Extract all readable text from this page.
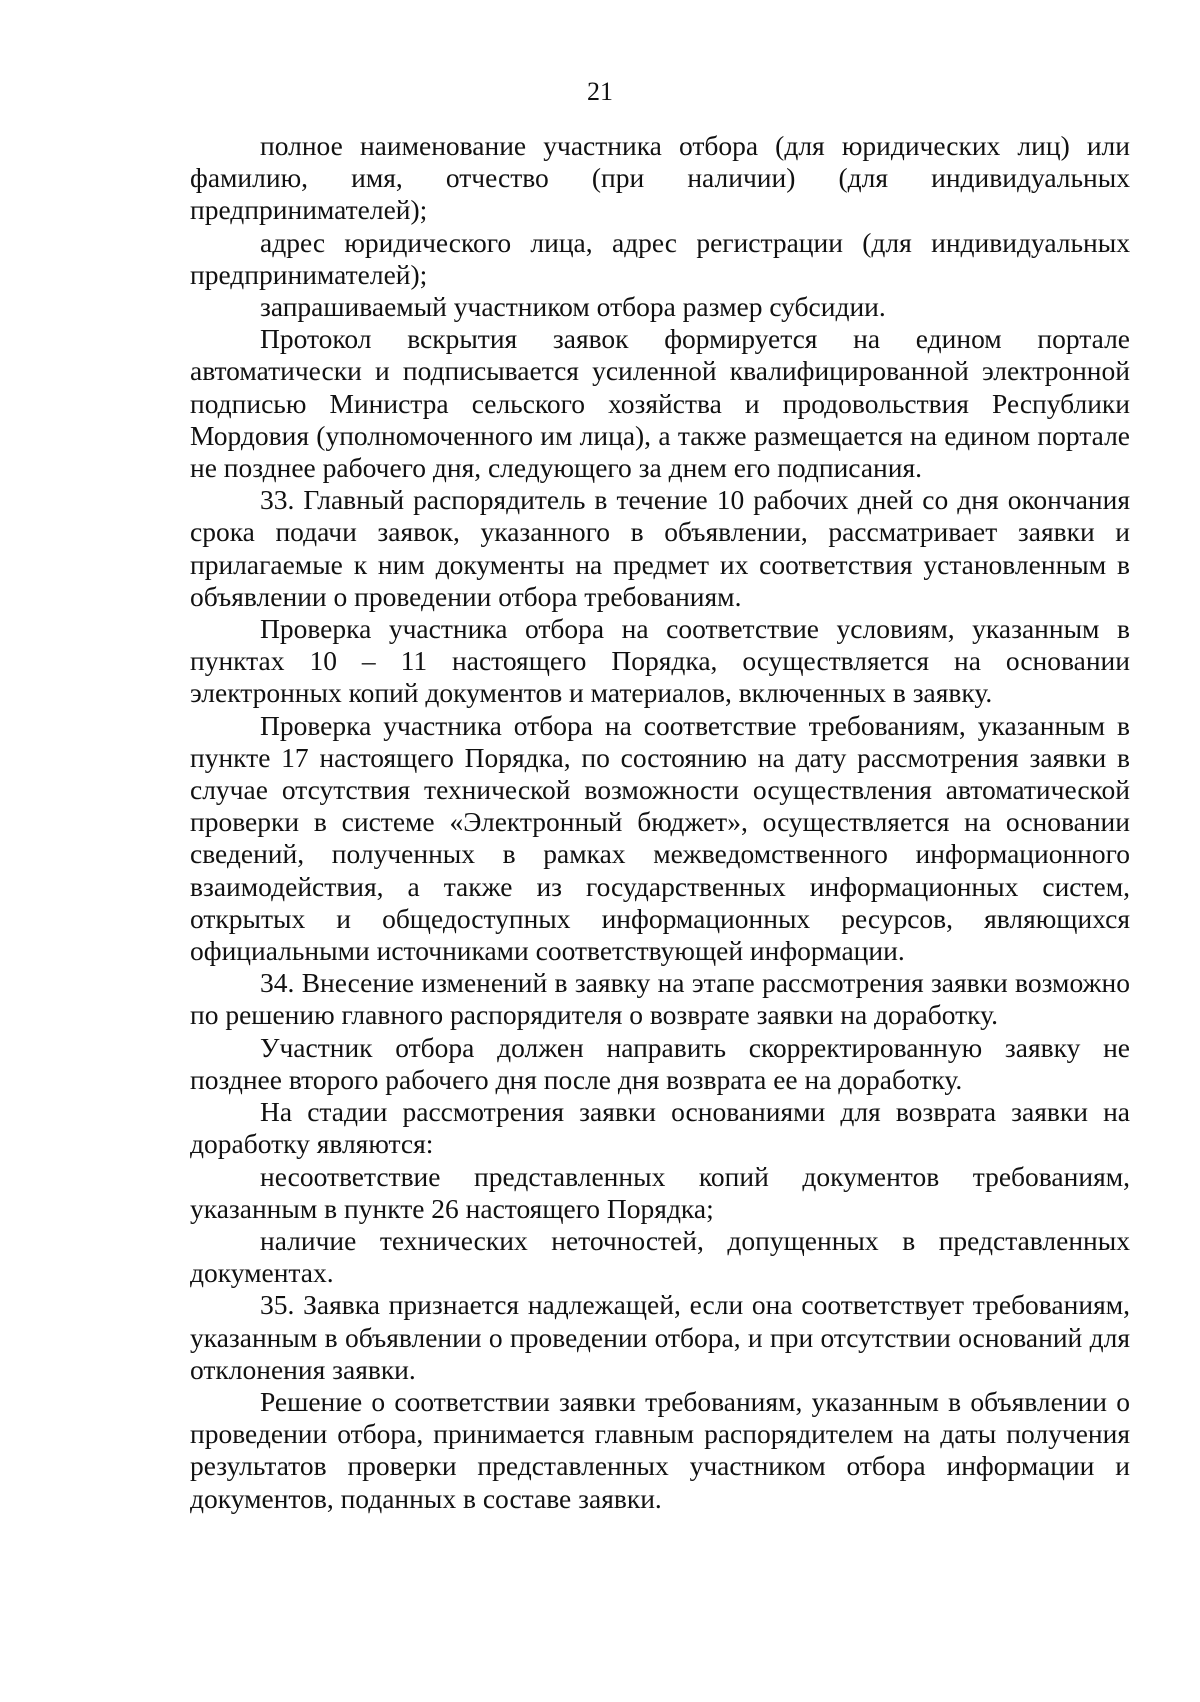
21

полное наименование участника отбора (для юридических лиц) или фамилию, имя, отчество (при наличии) (для индивидуальных предпринимателей);

адрес юридического лица, адрес регистрации (для индивидуальных предпринимателей);

запрашиваемый участником отбора размер субсидии.

Протокол вскрытия заявок формируется на едином портале автоматически и подписывается усиленной квалифицированной электронной подписью Министра сельского хозяйства и продовольствия Республики Мордовия (уполномоченного им лица), а также размещается на едином портале не позднее рабочего дня, следующего за днем его подписания.

33. Главный распорядитель в течение 10 рабочих дней со дня окончания срока подачи заявок, указанного в объявлении, рассматривает заявки и прилагаемые к ним документы на предмет их соответствия установленным в объявлении о проведении отбора требованиям.

Проверка участника отбора на соответствие условиям, указанным в пунктах 10 – 11 настоящего Порядка, осуществляется на основании электронных копий документов и материалов, включенных в заявку.

Проверка участника отбора на соответствие требованиям, указанным в пункте 17 настоящего Порядка, по состоянию на дату рассмотрения заявки в случае отсутствия технической возможности осуществления автоматической проверки в системе «Электронный бюджет», осуществляется на основании сведений, полученных в рамках межведомственного информационного взаимодействия, а также из государственных информационных систем, открытых и общедоступных информационных ресурсов, являющихся официальными источниками соответствующей информации.

34. Внесение изменений в заявку на этапе рассмотрения заявки возможно по решению главного распорядителя о возврате заявки на доработку.

Участник отбора должен направить скорректированную заявку не позднее второго рабочего дня после дня возврата ее на доработку.

На стадии рассмотрения заявки основаниями для возврата заявки на доработку являются:

несоответствие представленных копий документов требованиям, указанным в пункте 26 настоящего Порядка;

наличие технических неточностей, допущенных в представленных документах.

35. Заявка признается надлежащей, если она соответствует требованиям, указанным в объявлении о проведении отбора, и при отсутствии оснований для отклонения заявки.

Решение о соответствии заявки требованиям, указанным в объявлении о проведении отбора, принимается главным распорядителем на даты получения результатов проверки представленных участником отбора информации и документов, поданных в составе заявки.
